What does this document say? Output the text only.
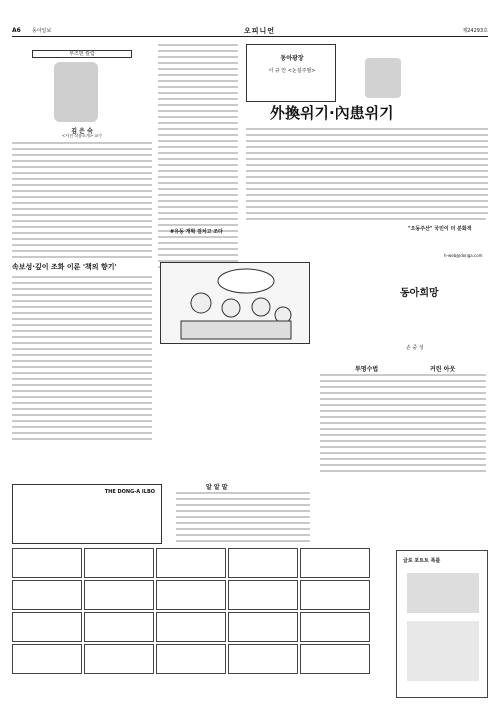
A6 동아일보	오피니언	제24293호
부즈덴 칼럼
김 은 숙
<사진 작품소개> 교수
속보성·깊이 조화 이룬 '책의 향기'
동아광장
이 규 안 <논설주필>
外換위기·內患위기
#유동 개혁 걸치고 조다
동아희망
손 중 성
"오동주산" 국민이 더 분화적
h-web@donga.com
투명수법	커린 아웃
THE DONG-A ILBO
알 알 말
글로 포트트 폭를
